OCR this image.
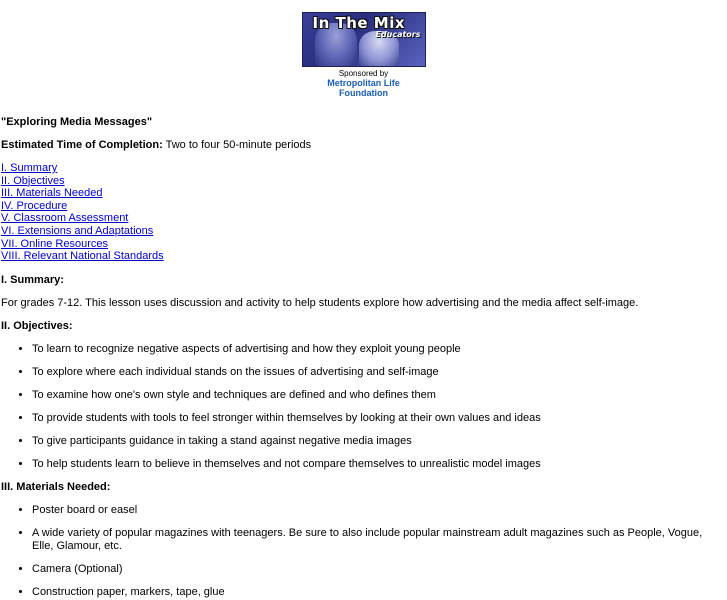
In The Mix
Educators
Sponsored by
Metropolitan Life
Foundation

"Exploring Media Messages"

Estimated Time of Completion: Two to four 50-minute periods

I. Summary
II. Objectives
III. Materials Needed
IV. Procedure
V. Classroom Assessment
VI. Extensions and Adaptations
VII. Online Resources
VIII. Relevant National Standards

I. Summary:

For grades 7-12. This lesson uses discussion and activity to help students explore how advertising and the media affect self-image.

II. Objectives:

• To learn to recognize negative aspects of advertising and how they exploit young people
• To explore where each individual stands on the issues of advertising and self-image
• To examine how one's own style and techniques are defined and who defines them
• To provide students with tools to feel stronger within themselves by looking at their own values and ideas
• To give participants guidance in taking a stand against negative media images
• To help students learn to believe in themselves and not compare themselves to unrealistic model images

III. Materials Needed:

• Poster board or easel
• A wide variety of popular magazines with teenagers. Be sure to also include popular mainstream adult magazines such as People, Vogue, Elle, Glamour, etc.
• Camera (Optional)
• Construction paper, markers, tape, glue
